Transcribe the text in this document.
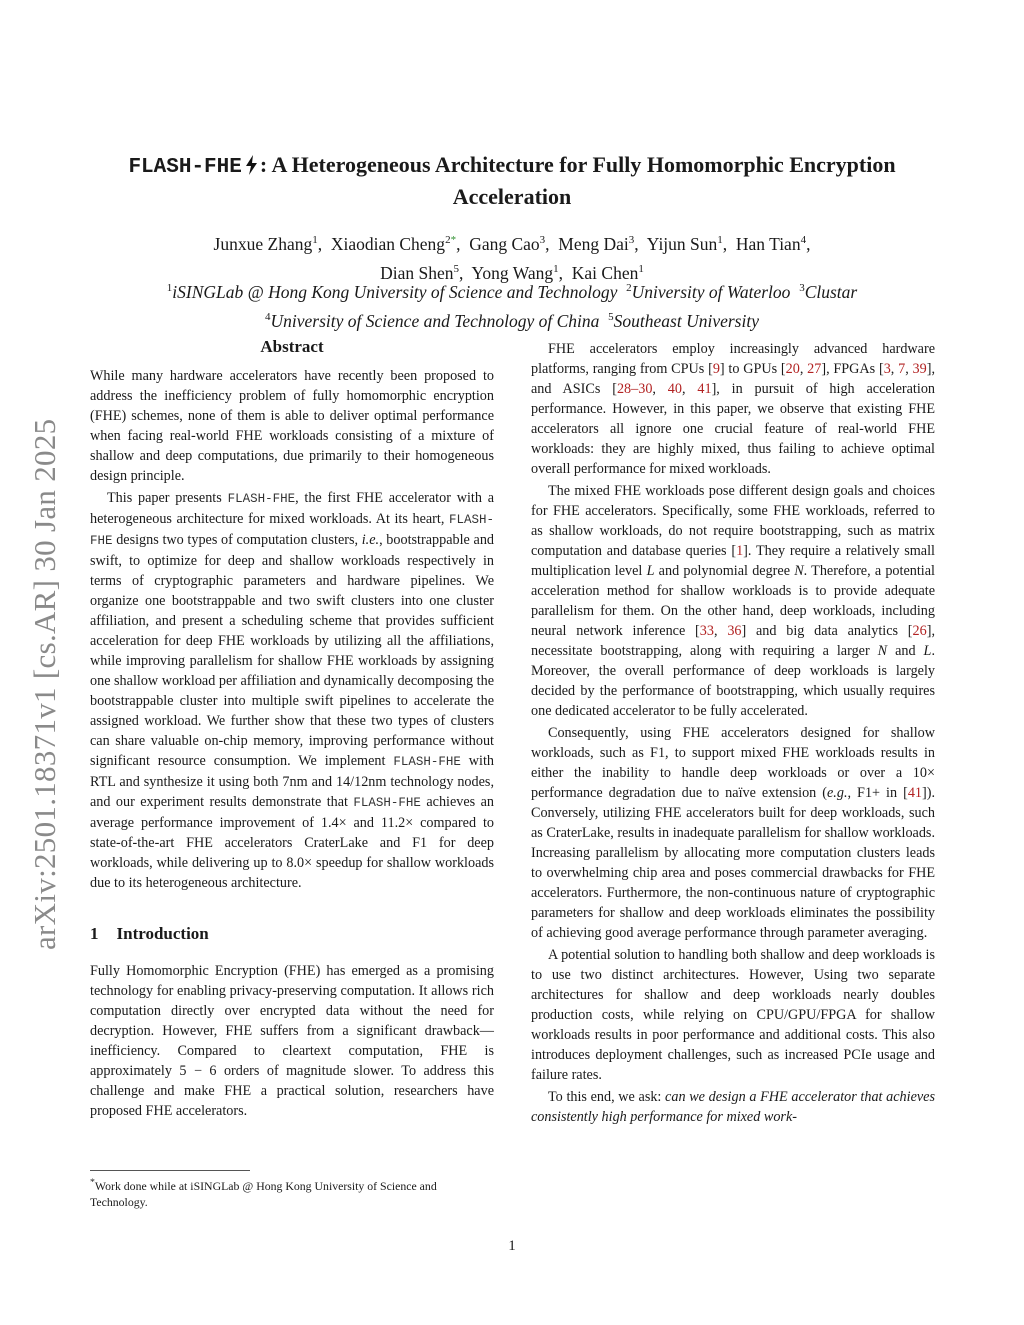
arXiv:2501.18371v1 [cs.AR] 30 Jan 2025
FLASH-FHE : A Heterogeneous Architecture for Fully Homomorphic Encryption Acceleration
Junxue Zhang$^1$,  Xiaodian Cheng$^{2*}$,  Gang Cao$^3$,  Meng Dai$^3$,  Yijun Sun$^1$,  Han Tian$^4$,
Dian Shen$^5$,  Yong Wang$^1$,  Kai Chen$^1$
$^1$iSINGLab @ Hong Kong University of Science and Technology $^2$University of Waterloo $^3$Clustar
$^4$University of Science and Technology of China $^5$Southeast University
Abstract

While many hardware accelerators have recently been proposed to address the inefficiency problem of fully homomorphic encryption (FHE) schemes, none of them is able to deliver optimal performance when facing real-world FHE workloads consisting of a mixture of shallow and deep computations, due primarily to their homogeneous design principle.

This paper presents FLASH-FHE, the first FHE accelerator with a heterogeneous architecture for mixed workloads. At its heart, FLASH-FHE designs two types of computation clusters, i.e., bootstrappable and swift, to optimize for deep and shallow workloads respectively in terms of cryptographic parameters and hardware pipelines. We organize one bootstrappable and two swift clusters into one cluster affiliation, and present a scheduling scheme that provides sufficient acceleration for deep FHE workloads by utilizing all the affiliations, while improving parallelism for shallow FHE workloads by assigning one shallow workload per affiliation and dynamically decomposing the bootstrappable cluster into multiple swift pipelines to accelerate the assigned workload. We further show that these two types of clusters can share valuable on-chip memory, improving performance without significant resource consumption. We implement FLASH-FHE with RTL and synthesize it using both 7nm and 14/12nm technology nodes, and our experiment results demonstrate that FLASH-FHE achieves an average performance improvement of 1.4× and 11.2× compared to state-of-the-art FHE accelerators CraterLake and F1 for deep workloads, while delivering up to 8.0× speedup for shallow workloads due to its heterogeneous architecture.

1 Introduction

Fully Homomorphic Encryption (FHE) has emerged as a promising technology for enabling privacy-preserving computation. It allows rich computation directly over encrypted data without the need for decryption. However, FHE suffers from a significant drawback—inefficiency. Compared to cleartext computation, FHE is approximately 5 − 6 orders of magnitude slower. To address this challenge and make FHE a practical solution, researchers have proposed FHE accelerators.

FHE accelerators employ increasingly advanced hardware platforms, ranging from CPUs [9] to GPUs [20, 27], FPGAs [3, 7, 39], and ASICs [28–30, 40, 41], in pursuit of high acceleration performance. However, in this paper, we observe that existing FHE accelerators all ignore one crucial feature of real-world FHE workloads: they are highly mixed, thus failing to achieve optimal overall performance for mixed workloads.

The mixed FHE workloads pose different design goals and choices for FHE accelerators. Specifically, some FHE workloads, referred to as shallow workloads, do not require bootstrapping, such as matrix computation and database queries [1]. They require a relatively small multiplication level L and polynomial degree N. Therefore, a potential acceleration method for shallow workloads is to provide adequate parallelism for them. On the other hand, deep workloads, including neural network inference [33, 36] and big data analytics [26], necessitate bootstrapping, along with requiring a larger N and L. Moreover, the overall performance of deep workloads is largely decided by the performance of bootstrapping, which usually requires one dedicated accelerator to be fully accelerated.

Consequently, using FHE accelerators designed for shallow workloads, such as F1, to support mixed FHE workloads results in either the inability to handle deep workloads or over a 10× performance degradation due to naïve extension (e.g., F1+ in [41]). Conversely, utilizing FHE accelerators built for deep workloads, such as CraterLake, results in inadequate parallelism for shallow workloads. Increasing parallelism by allocating more computation clusters leads to overwhelming chip area and poses commercial drawbacks for FHE accelerators. Furthermore, the non-continuous nature of cryptographic parameters for shallow and deep workloads eliminates the possibility of achieving good average performance through parameter averaging.

A potential solution to handling both shallow and deep workloads is to use two distinct architectures. However, Using two separate architectures for shallow and deep workloads nearly doubles production costs, while relying on CPU/GPU/FPGA for shallow workloads results in poor performance and additional costs. This also introduces deployment challenges, such as increased PCIe usage and failure rates.

To this end, we ask: can we design a FHE accelerator that achieves consistently high performance for mixed work-

*Work done while at iSINGLab @ Hong Kong University of Science and Technology.
1
